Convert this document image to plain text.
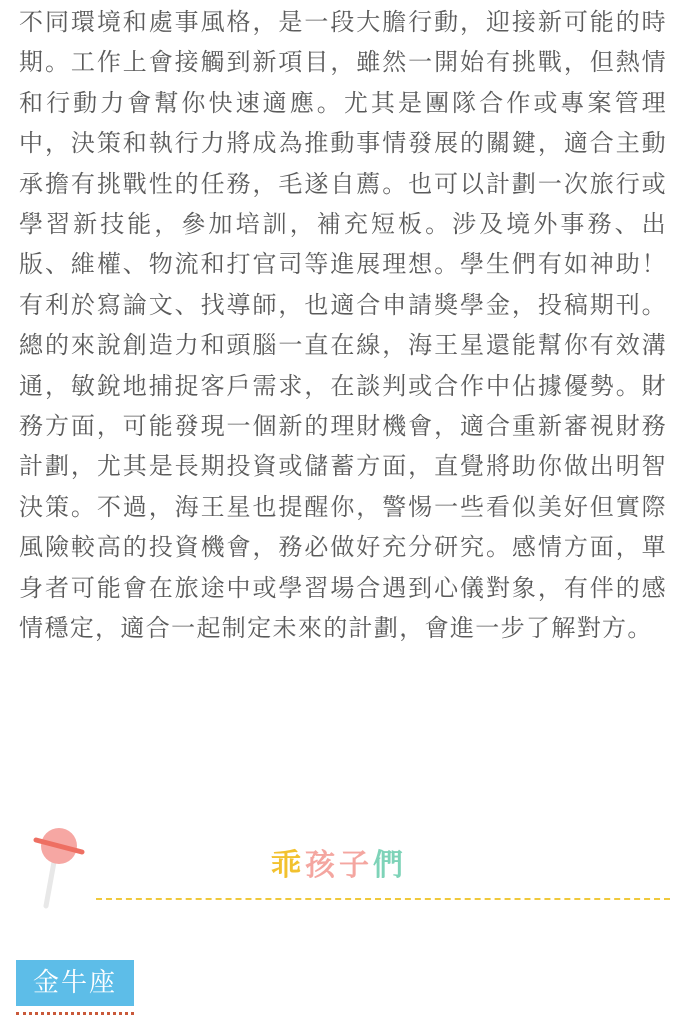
不同環境和處事風格，是一段大膽行動，迎接新可能的時期。工作上會接觸到新項目，雖然一開始有挑戰，但熱情和行動力會幫你快速適應。尤其是團隊合作或專案管理中，決策和執行力將成為推動事情發展的關鍵，適合主動承擔有挑戰性的任務，毛遂自薦。也可以計劃一次旅行或學習新技能，參加培訓，補充短板。涉及境外事務、出版、維權、物流和打官司等進展理想。學生們有如神助！有利於寫論文、找導師，也適合申請獎學金，投稿期刊。總的來說創造力和頭腦一直在線，海王星還能幫你有效溝通，敏銳地捕捉客戶需求，在談判或合作中佔據優勢。財務方面，可能發現一個新的理財機會，適合重新審視財務計劃，尤其是長期投資或儲蓄方面，直覺將助你做出明智決策。不過，海王星也提醒你，警惕一些看似美好但實際風險較高的投資機會，務必做好充分研究。感情方面，單身者可能會在旅途中或學習場合遇到心儀對象，有伴的感情穩定，適合一起制定未來的計劃，會進一步了解對方。

乖孩子們
金牛座
